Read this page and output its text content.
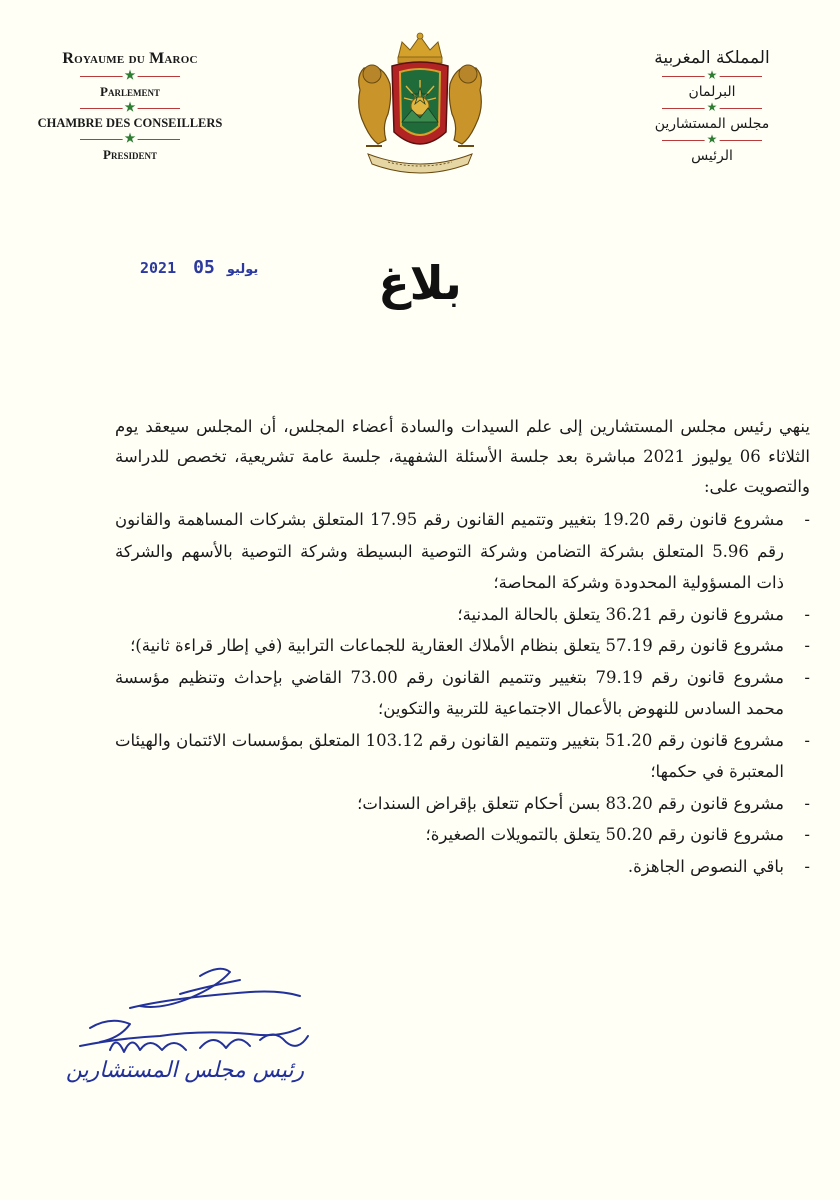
Royaume du Maroc
★
Parlement
★
CHAMBRE DES CONSEILLERS
★
President
المملكة المغربية
★
البرلمان
★
مجلس المستشارين
★
الرئيس
2021	يوليو 05	بلاغ

ينهي رئيس مجلس المستشارين إلى علم السيدات والسادة أعضاء المجلس، أن المجلس سيعقد يوم الثلاثاء 06 يوليوز 2021 مباشرة بعد جلسة الأسئلة الشفهية، جلسة عامة تشريعية، تخصص للدراسة والتصويت على:

-
مشروع قانون رقم 19.20 بتغيير وتتميم القانون رقم 17.95 المتعلق بشركات المساهمة والقانون رقم 5.96 المتعلق بشركة التضامن وشركة التوصية البسيطة وشركة التوصية بالأسهم والشركة ذات المسؤولية المحدودة وشركة المحاصة؛
-
مشروع قانون رقم 36.21 يتعلق بالحالة المدنية؛
-
مشروع قانون رقم 57.19 يتعلق بنظام الأملاك العقارية للجماعات الترابية (في إطار قراءة ثانية)؛
-
مشروع قانون رقم 79.19 بتغيير وتتميم القانون رقم 73.00 القاضي بإحداث وتنظيم مؤسسة محمد السادس للنهوض بالأعمال الاجتماعية للتربية والتكوين؛
-
مشروع قانون رقم 51.20 بتغيير وتتميم القانون رقم 103.12 المتعلق بمؤسسات الائتمان والهيئات المعتبرة في حكمها؛
-
مشروع قانون رقم 83.20 بسن أحكام تتعلق بإقراض السندات؛
-
مشروع قانون رقم 50.20 يتعلق بالتمويلات الصغيرة؛
-
باقي النصوص الجاهزة.
رئيس مجلس المستشارين
